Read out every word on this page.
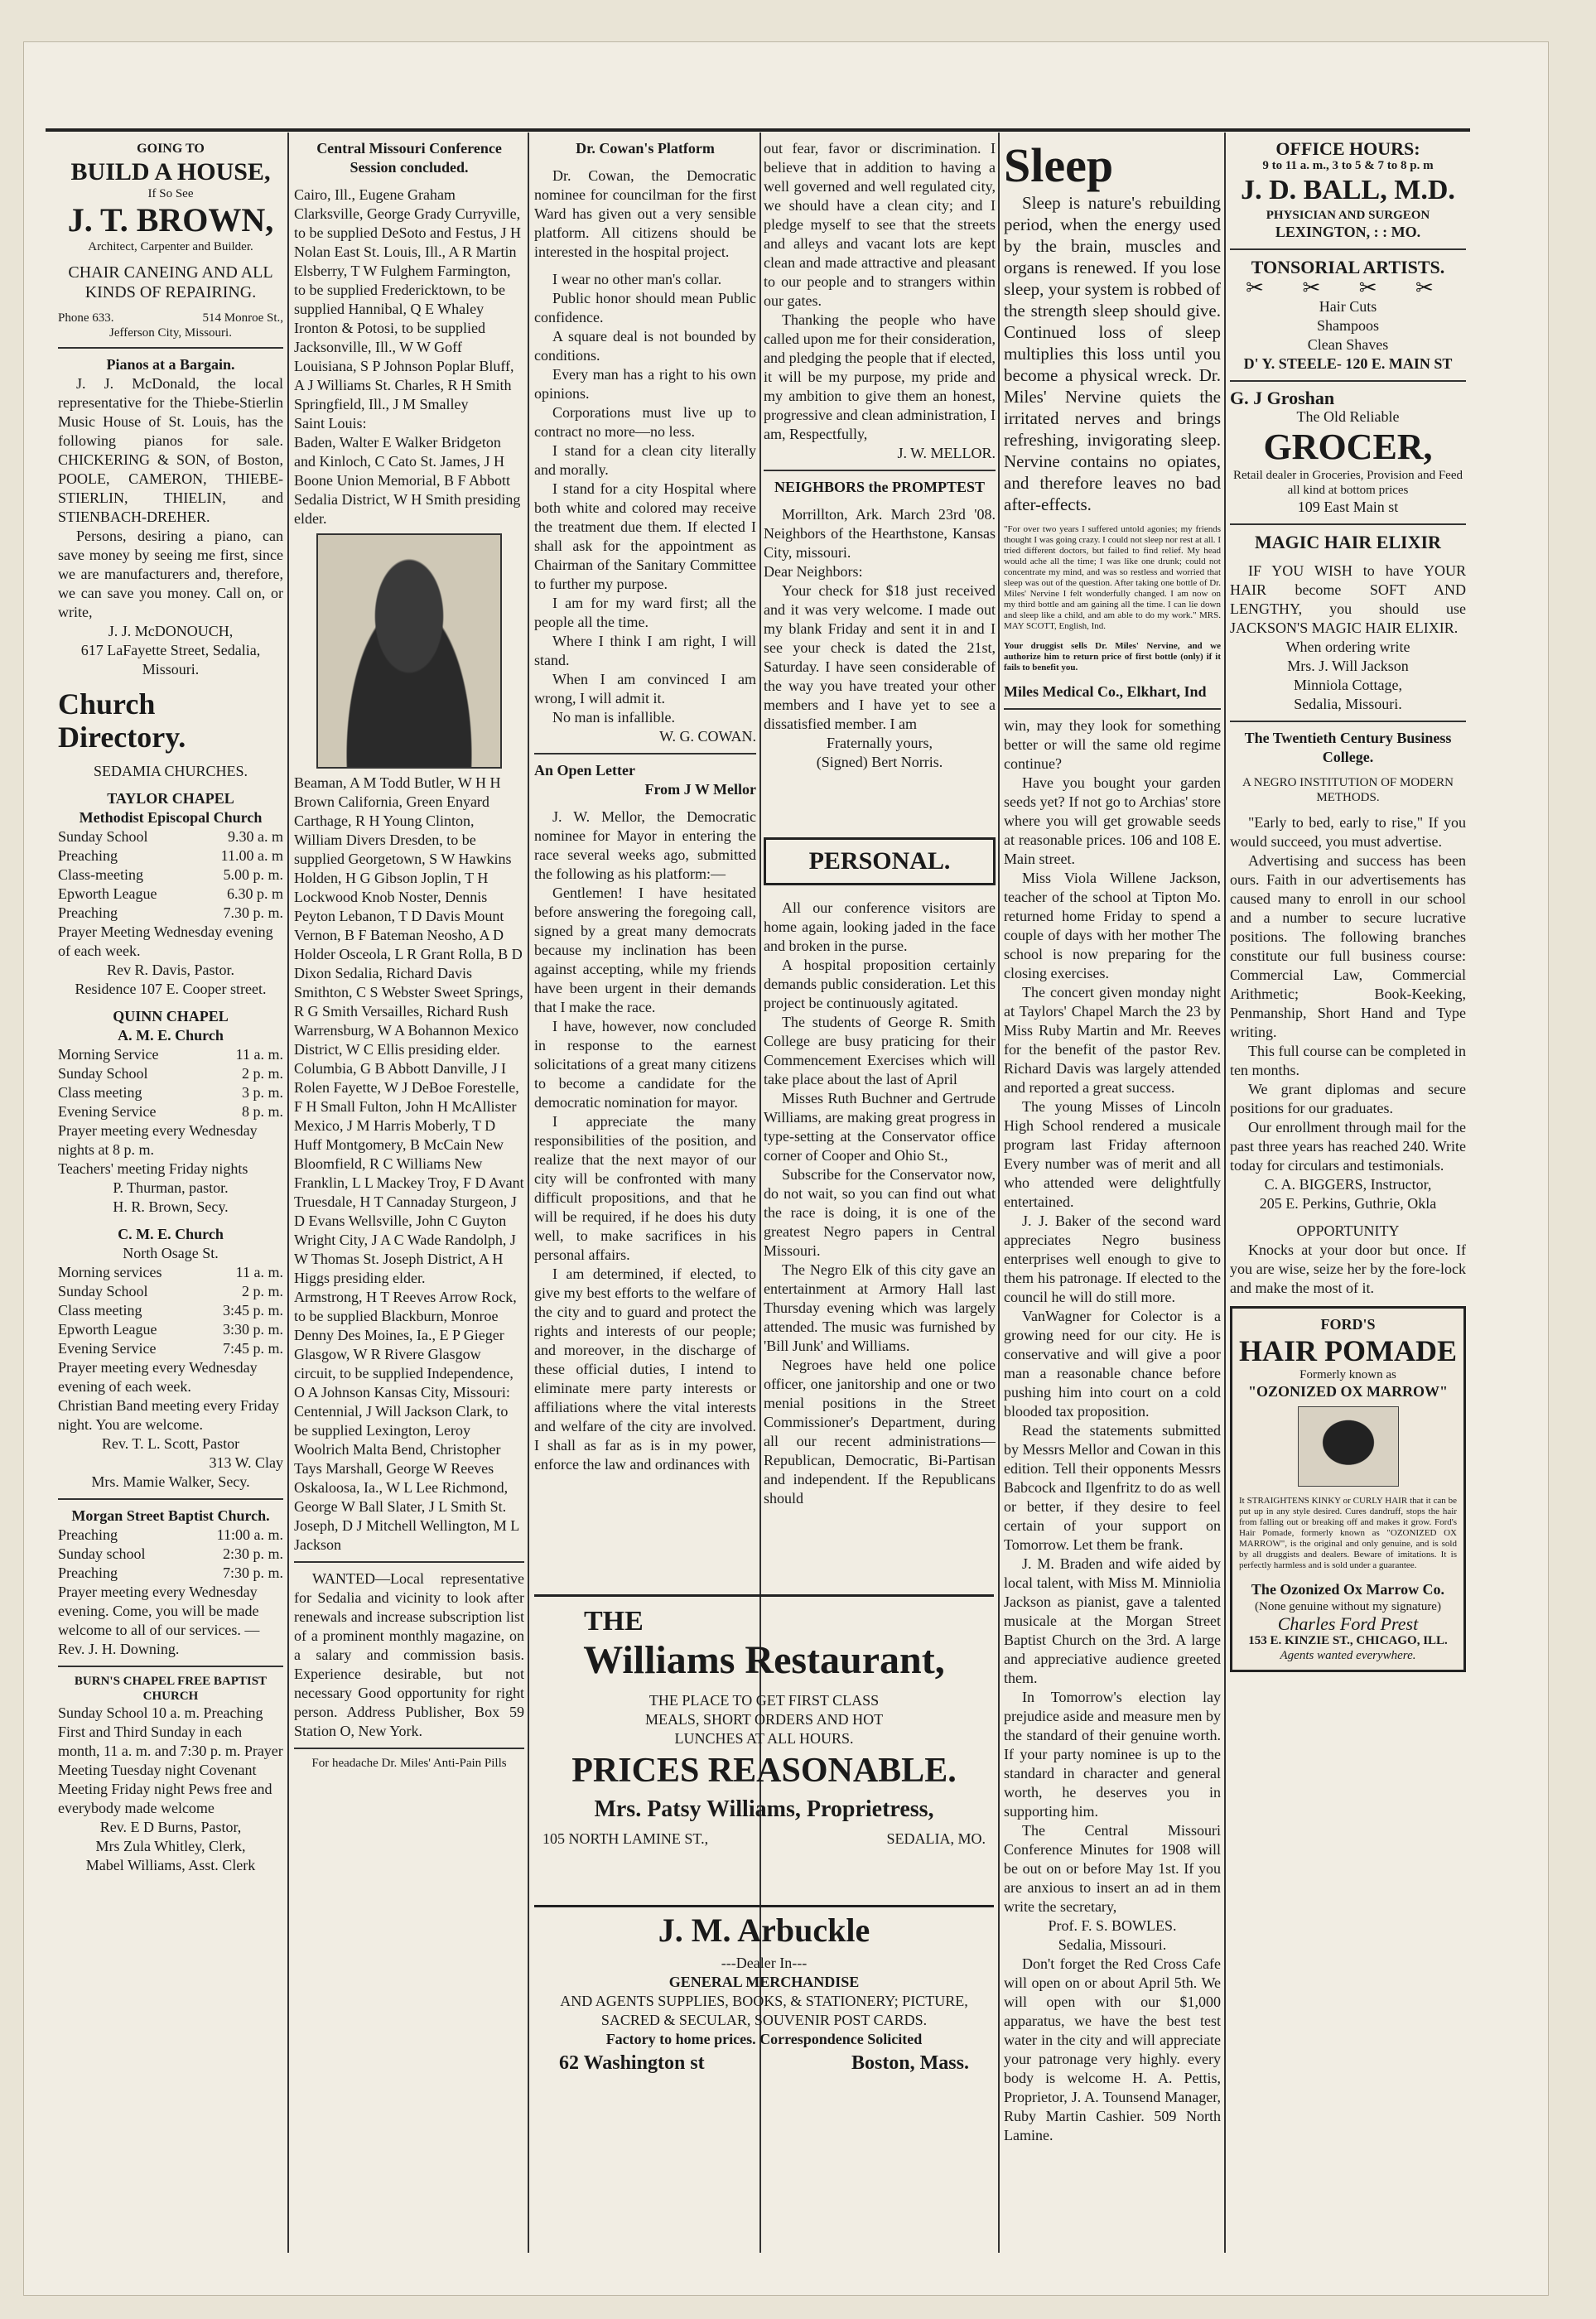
GOING TO
BUILD A HOUSE,
If So See
J. T. BROWN,
Architect, Carpenter and Builder.
CHAIR CANEING AND ALL KINDS OF REPAIRING.
Phone 633.	514 Monroe St.,
Jefferson City, Missouri.
Pianos at a Bargain.

J. J. McDonald, the local representative for the Thiebe-Stierlin Music House of St. Louis, has the following pianos for sale. CHICKERING & SON, of Boston, POOLE, CAMERON, THIEBE-STIERLIN, THIELIN, and STIENBACH-DREHER.

Persons, desiring a piano, can save money by seeing me first, since we are manufacturers and, therefore, we can save you money. Call on, or write,

J. J. McDONOUCH,
617 LaFayette Street, Sedalia, Missouri.
Church Directory.
SEDAMIA CHURCHES.
TAYLOR CHAPEL
Methodist Episcopal Church
Sunday School	9.30 a. m
Preaching	11.00 a. m
Class-meeting	5.00 p. m.
Epworth League	6.30 p. m
Preaching	7.30 p. m.
Prayer Meeting Wednesday evening of each week.
Rev R. Davis, Pastor.
Residence 107 E. Cooper street.
QUINN CHAPEL
A. M. E. Church
Morning Service	11 a. m.
Sunday School	2 p. m.
Class meeting	3 p. m.
Evening Service	8 p. m.
Prayer meeting every Wednesday nights at 8 p. m.
Teachers' meeting Friday nights
P. Thurman, pastor.
H. R. Brown, Secy.
C. M. E. Church
North Osage St.
Morning services	11 a. m.
Sunday School	2 p. m.
Class meeting	3:45 p. m.
Epworth League	3:30 p. m.
Evening Service	7:45 p. m.
Prayer meeting every Wednesday evening of each week.
Christian Band meeting every Friday night. You are welcome.
Rev. T. L. Scott, Pastor
313 W. Clay
Mrs. Mamie Walker, Secy.
Morgan Street Baptist Church.
Preaching	11:00 a. m.
Sunday school	2:30 p. m.
Preaching	7:30 p. m.
Prayer meeting every Wednesday evening. Come, you will be made welcome to all of our services. —Rev. J. H. Downing.
BURN'S CHAPEL FREE BAPTIST CHURCH
Sunday School 10 a. m. Preaching First and Third Sunday in each month, 11 a. m. and 7:30 p. m. Prayer Meeting Tuesday night Covenant Meeting Friday night Pews free and everybody made welcome
Rev. E D Burns, Pastor,
Mrs Zula Whitley, Clerk,
Mabel Williams, Asst. Clerk
Central Missouri Conference Session concluded.
Cairo, Ill., Eugene Graham Clarksville, George Grady Curryville, to be supplied DeSoto and Festus, J H Nolan East St. Louis, Ill., A R Martin Elsberry, T W Fulghem Farmington, to be supplied Fredericktown, to be supplied Hannibal, Q E Whaley Ironton & Potosi, to be supplied Jacksonville, Ill., W W Goff Louisiana, S P Johnson Poplar Bluff, A J Williams St. Charles, R H Smith Springfield, Ill., J M Smalley
Saint Louis:
Baden, Walter E Walker Bridgeton and Kinloch, C Cato St. James, J H Boone Union Memorial, B F Abbott Sedalia District, W H Smith presiding elder.
Beaman, A M Todd Butler, W H H Brown California, Green Enyard Carthage, R H Young Clinton, William Divers Dresden, to be supplied Georgetown, S W Hawkins Holden, H G Gibson Joplin, T H Lockwood Knob Noster, Dennis Peyton Lebanon, T D Davis Mount Vernon, B F Bateman Neosho, A D Holder Osceola, L R Grant Rolla, B D Dixon Sedalia, Richard Davis Smithton, C S Webster Sweet Springs, R G Smith Versailles, Richard Rush Warrensburg, W A Bohannon Mexico District, W C Ellis presiding elder.
Columbia, G B Abbott Danville, J I Rolen Fayette, W J DeBoe Forestelle, F H Small Fulton, John H McAllister Mexico, J M Harris Moberly, T D Huff Montgomery, B McCain New Bloomfield, R C Williams New Franklin, L L Mackey Troy, F D Avant Truesdale, H T Cannaday Sturgeon, J D Evans Wellsville, John C Guyton Wright City, J A C Wade Randolph, J W Thomas St. Joseph District, A H Higgs presiding elder.
Armstrong, H T Reeves Arrow Rock, to be supplied Blackburn, Monroe Denny Des Moines, Ia., E P Gieger Glasgow, W R Rivere Glasgow circuit, to be supplied Independence, O A Johnson Kansas City, Missouri: Centennial, J Will Jackson Clark, to be supplied Lexington, Leroy Woolrich Malta Bend, Christopher Tays Marshall, George W Reeves Oskaloosa, Ia., W L Lee Richmond, George W Ball Slater, J L Smith St. Joseph, D J Mitchell Wellington, M L Jackson

WANTED—Local representative for Sedalia and vicinity to look after renewals and increase subscription list of a prominent monthly magazine, on a salary and commission basis. Experience desirable, but not necessary Good opportunity for right person. Address Publisher, Box 59 Station O, New York.

For headache Dr. Miles' Anti-Pain Pills
Dr. Cowan's Platform

Dr. Cowan, the Democratic nominee for councilman for the first Ward has given out a very sensible platform. All citizens should be interested in the hospital project.

I wear no other man's collar.

Public honor should mean Public confidence.

A square deal is not bounded by conditions.

Every man has a right to his own opinions.

Corporations must live up to contract no more—no less.

I stand for a clean city literally and morally.

I stand for a city Hospital where both white and colored may receive the treatment due them. If elected I shall ask for the appointment as Chairman of the Sanitary Committee to further my purpose.

I am for my ward first; all the people all the time.

Where I think I am right, I will stand.

When I am convinced I am wrong, I will admit it.

No man is infallible.

W. G. COWAN.
An Open Letter
From J W Mellor

J. W. Mellor, the Democratic nominee for Mayor in entering the race several weeks ago, submitted the following as his platform:—

Gentlemen! I have hesitated before answering the foregoing call, signed by a great many democrats because my inclination has been against accepting, while my friends have been urgent in their demands that I make the race.

I have, however, now concluded in response to the earnest solicitations of a great many citizens to become a candidate for the democratic nomination for mayor.

I appreciate the many responsibilities of the position, and realize that the next mayor of our city will be confronted with many difficult propositions, and that he will be required, if he does his duty well, to make sacrifices in his personal affairs.

I am determined, if elected, to give my best efforts to the welfare of the city and to guard and protect the rights and interests of our people; and moreover, in the discharge of these official duties, I intend to eliminate mere party interests or affiliations where the vital interests and welfare of the city are involved. I shall as far as is in my power, enforce the law and ordinances with

out fear, favor or discrimination. I believe that in addition to having a well governed and well regulated city, we should have a clean city; and I pledge myself to see that the streets and alleys and vacant lots are kept clean and made attractive and pleasant to our people and to strangers within our gates.

Thanking the people who have called upon me for their consideration, and pledging the people that if elected, it will be my purpose, my pride and my ambition to give them an honest, progressive and clean administration, I am, Respectfully,

J. W. MELLOR.
NEIGHBORS the PROMPTEST

Morrillton, Ark. March 23rd '08. Neighbors of the Hearthstone, Kansas City, missouri.

Dear Neighbors:

Your check for $18 just received and it was very welcome. I made out my blank Friday and sent it in and I see your check is dated the 21st, Saturday. I have seen considerable of the way you have treated your other members and I have yet to see a dissatisfied member. I am

Fraternally yours,
(Signed) Bert Norris.
PERSONAL.

All our conference visitors are home again, looking jaded in the face and broken in the purse.

A hospital proposition certainly demands public consideration. Let this project be continuously agitated.

The students of George R. Smith College are busy praticing for their Commencement Exercises which will take place about the last of April

Misses Ruth Buchner and Gertrude Williams, are making great progress in type-setting at the Conservator office corner of Cooper and Ohio St.,

Subscribe for the Conservator now, do not wait, so you can find out what the race is doing, it is one of the greatest Negro papers in Central Missouri.

The Negro Elk of this city gave an entertainment at Armory Hall last Thursday evening which was largely attended. The music was furnished by 'Bill Junk' and Williams.

Negroes have held one police officer, one janitorship and one or two menial positions in the Street Commissioner's Department, during all our recent administrations—Republican, Democratic, Bi-Partisan and independent. If the Republicans should

THE
Williams Restaurant,
THE PLACE TO GET FIRST CLASS
MEALS, SHORT ORDERS AND HOT
LUNCHES AT ALL HOURS.
PRICES REASONABLE.
Mrs. Patsy Williams, Proprietress,
105 NORTH LAMINE ST.,	SEDALIA, MO.
J. M. Arbuckle
---Dealer In---
GENERAL MERCHANDISE
AND AGENTS SUPPLIES, BOOKS, & STATIONERY; PICTURE, SACRED & SECULAR, SOUVENIR POST CARDS.
Factory to home prices. Correspondence Solicited
62 Washington st	Boston, Mass.
Sleep

Sleep is nature's rebuilding period, when the energy used by the brain, muscles and organs is renewed. If you lose sleep, your system is robbed of the strength sleep should give. Continued loss of sleep multiplies this loss until you become a physical wreck. Dr. Miles' Nervine quiets the irritated nerves and brings refreshing, invigorating sleep. Nervine contains no opiates, and therefore leaves no bad after-effects.

"For over two years I suffered untold agonies; my friends thought I was going crazy. I could not sleep nor rest at all. I tried different doctors, but failed to find relief. My head would ache all the time; I was like one drunk; could not concentrate my mind, and was so restless and worried that sleep was out of the question. After taking one bottle of Dr. Miles' Nervine I felt wonderfully changed. I am now on my third bottle and am gaining all the time. I can lie down and sleep like a child, and am able to do my work." MRS. MAY SCOTT, English, Ind.

Your druggist sells Dr. Miles' Nervine, and we authorize him to return price of first bottle (only) if it fails to benefit you.

Miles Medical Co., Elkhart, Ind

win, may they look for something better or will the same old regime continue?

Have you bought your garden seeds yet? If not go to Archias' store where you will get growable seeds at reasonable prices. 106 and 108 E. Main street.

Miss Viola Willene Jackson, teacher of the school at Tipton Mo. returned home Friday to spend a couple of days with her mother The school is now preparing for the closing exercises.

The concert given monday night at Taylors' Chapel March the 23 by Miss Ruby Martin and Mr. Reeves for the benefit of the pastor Rev. Richard Davis was largely attended and reported a great success.

The young Misses of Lincoln High School rendered a musicale program last Friday afternoon Every number was of merit and all who attended were delightfully entertained.

J. J. Baker of the second ward appreciates Negro business enterprises well enough to give to them his patronage. If elected to the council he will do still more.

VanWagner for Colector is a growing need for our city. He is conservative and will give a poor man a reasonable chance before pushing him into court on a cold blooded tax proposition.

Read the statements submitted by Messrs Mellor and Cowan in this edition. Tell their opponents Messrs Babcock and Ilgenfritz to do as well or better, if they desire to feel certain of your support on Tomorrow. Let them be frank.

J. M. Braden and wife aided by local talent, with Miss M. Minniolia Jackson as pianist, gave a talented musicale at the Morgan Street Baptist Church on the 3rd. A large and appreciative audience greeted them.

In Tomorrow's election lay prejudice aside and measure men by the standard of their genuine worth. If your party nominee is up to the standard in character and general worth, he deserves you in supporting him.

The Central Missouri Conference Minutes for 1908 will be out on or before May 1st. If you are anxious to insert an ad in them write the secretary,

Prof. F. S. BOWLES.
Sedalia, Missouri.

Don't forget the Red Cross Cafe will open on or about April 5th. We will open with our $1,000 apparatus, we have the best test water in the city and will appreciate your patronage very highly. every body is welcome H. A. Pettis, Proprietor, J. A. Tounsend Manager, Ruby Martin Cashier. 509 North Lamine.

OFFICE HOURS:
9 to 11 a. m., 3 to 5 & 7 to 8 p. m
J. D. BALL, M.D.
PHYSICIAN AND SURGEON
LEXINGTON, : : MO.
TONSORIAL ARTISTS.
✂ ✂ ✂ ✂
Hair Cuts
Shampoos
Clean Shaves
D' Y. STEELE- 120 E. MAIN ST
G. J Groshan
The Old Reliable
GROCER,
Retail dealer in Groceries, Provision and Feed all kind at bottom prices
109 East Main st
MAGIC HAIR ELIXIR

IF YOU WISH to have YOUR HAIR become SOFT AND LENGTHY, you should use JACKSON'S MAGIC HAIR ELIXIR.

When ordering write
Mrs. J. Will Jackson
Minniola Cottage,
Sedalia, Missouri.
The Twentieth Century Business College.
A NEGRO INSTITUTION OF MODERN METHODS.

"Early to bed, early to rise," If you would succeed, you must advertise.

Advertising and success has been ours. Faith in our advertisements has caused many to enroll in our school and a number to secure lucrative positions. The following branches constitute our full business course: Commercial Law, Commercial Arithmetic; Book-Keeking, Penmanship, Short Hand and Type writing.

This full course can be completed in ten months.

We grant diplomas and secure positions for our graduates.

Our enrollment through mail for the past three years has reached 240. Write today for circulars and testimonials.

C. A. BIGGERS, Instructor,
205 E. Perkins, Guthrie, Okla
OPPORTUNITY

Knocks at your door but once. If you are wise, seize her by the fore-lock and make the most of it.

FORD'S
HAIR POMADE
Formerly known as
"OZONIZED OX MARROW"

It STRAIGHTENS KINKY or CURLY HAIR that it can be put up in any style desired. Cures dandruff, stops the hair from falling out or breaking off and makes it grow. Ford's Hair Pomade, formerly known as "OZONIZED OX MARROW", is the original and only genuine, and is sold by all druggists and dealers. Beware of imitations. It is perfectly harmless and is sold under a guarantee.

The Ozonized Ox Marrow Co.
(None genuine without my signature)
Charles Ford Prest
153 E. KINZIE ST., CHICAGO, ILL.
Agents wanted everywhere.
